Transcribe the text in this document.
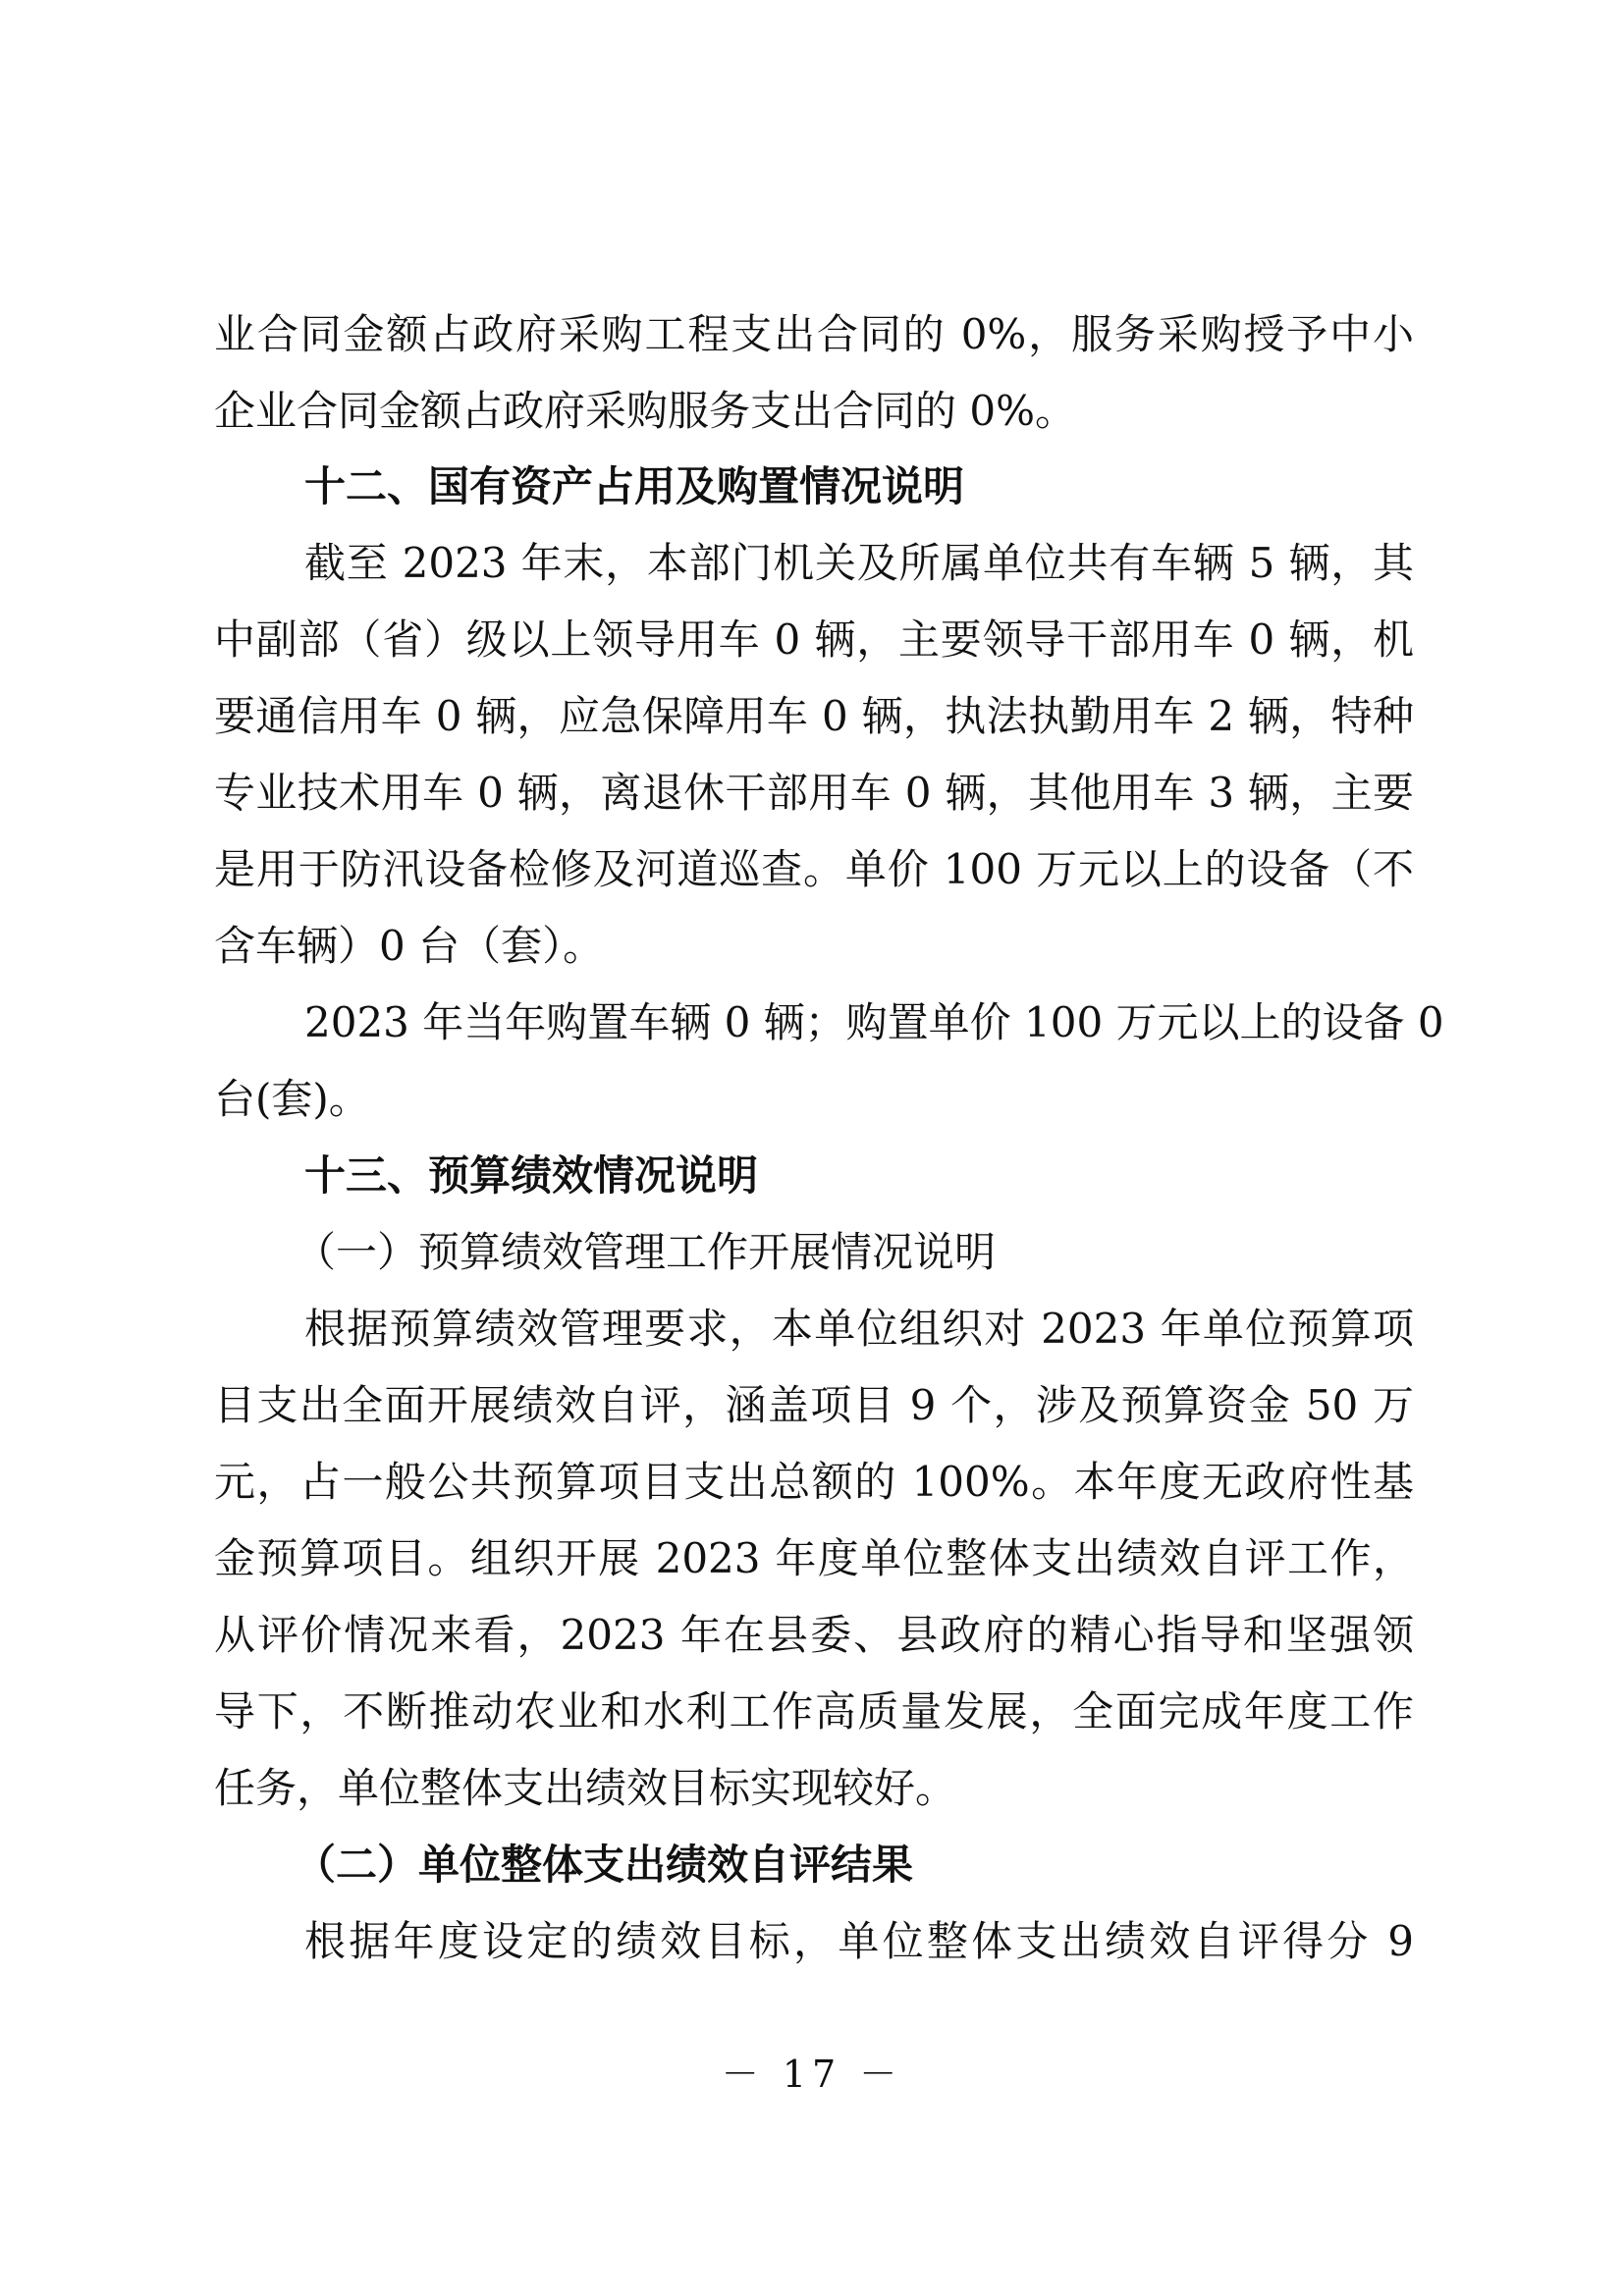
业合同金额占政府采购工程支出合同的 0%，服务采购授予中小
企业合同金额占政府采购服务支出合同的 0%。
十二、国有资产占用及购置情况说明
截至 2023 年末，本部门机关及所属单位共有车辆 5 辆，其
中副部（省）级以上领导用车 0 辆，主要领导干部用车 0 辆，机
要通信用车 0 辆，应急保障用车 0 辆，执法执勤用车 2 辆，特种
专业技术用车 0 辆，离退休干部用车 0 辆，其他用车 3 辆，主要
是用于防汛设备检修及河道巡查。单价 100 万元以上的设备（不
含车辆）0 台（套）。
2023 年当年购置车辆 0 辆；购置单价 100 万元以上的设备 0
台(套)。
十三、预算绩效情况说明
（一）预算绩效管理工作开展情况说明
根据预算绩效管理要求，本单位组织对 2023 年单位预算项
目支出全面开展绩效自评，涵盖项目 9 个，涉及预算资金 50 万
元，占一般公共预算项目支出总额的 100%。本年度无政府性基
金预算项目。组织开展 2023 年度单位整体支出绩效自评工作，
从评价情况来看，2023 年在县委、县政府的精心指导和坚强领
导下，不断推动农业和水利工作高质量发展，全面完成年度工作
任务，单位整体支出绩效目标实现较好。
（二）单位整体支出绩效自评结果
根据年度设定的绩效目标，单位整体支出绩效自评得分 9
－ 17 －
